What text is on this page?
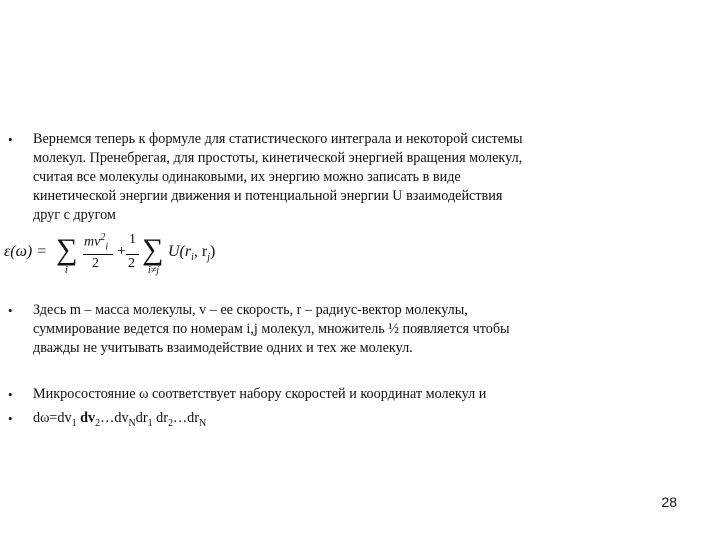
• Вернемся теперь к формуле для статистического интеграла и некоторой системы
молекул. Пренебрегая, для простоты, кинетической энергией вращения молекул,
считая все молекулы одинаковыми, их энергию можно записать в виде
кинетической энергии движения и потенциальной энергии U взаимодействия
друг с другом
ε(ω) = ∑
i
$mv^2_i$
2
+
1
2 ∑
i≠j
$U(r_i$, $r_j$)
• Здесь m – масса молекулы, v – ее скорость, r – радиус-вектор молекулы,
суммирование ведется по номерам i,j молекул, множитель ½ появляется чтобы
дважды не учитывать взаимодействие одних и тех же молекул.
• Микросостояние ω соответствует набору скоростей и координат молекул и
• $d\omega=dv_1$ $dv_2\dots dv_Ndr_1$ $dr_2\dots dr_N$
28
